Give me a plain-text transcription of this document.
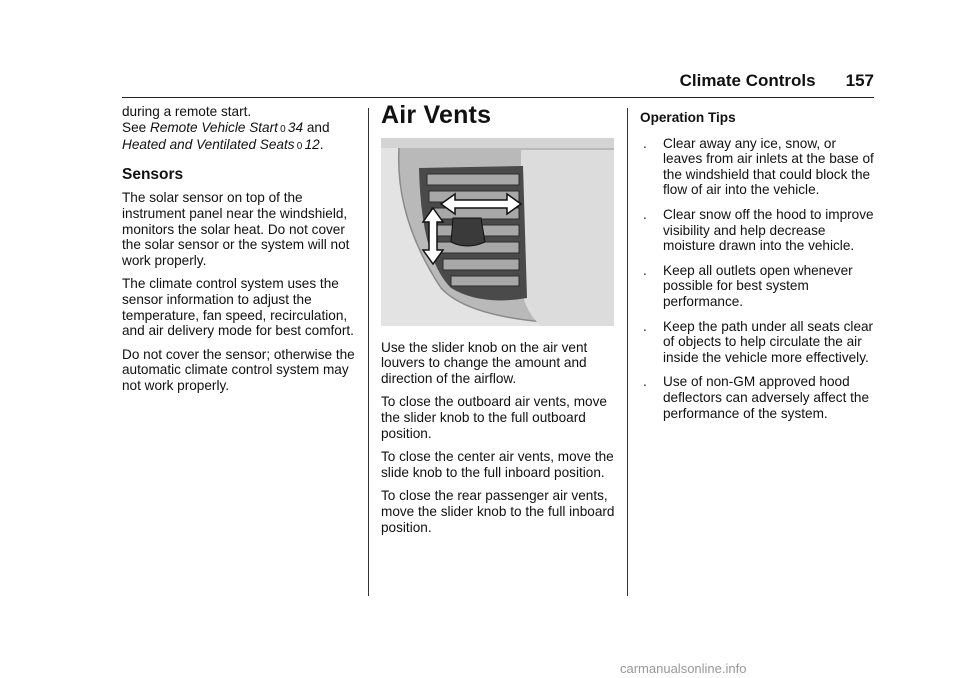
Climate Controls 157
during a remote start.
See Remote Vehicle Start 0 34 and
Heated and Ventilated Seats 0 12.
Sensors

The solar sensor on top of the instrument panel near the windshield, monitors the solar heat. Do not cover the solar sensor or the system will not work properly.

The climate control system uses the sensor information to adjust the temperature, fan speed, recirculation, and air delivery mode for best comfort.

Do not cover the sensor; otherwise the automatic climate control system may not work properly.

Air Vents

Use the slider knob on the air vent louvers to change the amount and direction of the airflow.

To close the outboard air vents, move the slider knob to the full outboard position.

To close the center air vents, move the slide knob to the full inboard position.

To close the rear passenger air vents, move the slider knob to the full inboard position.

Operation Tips
. Clear away any ice, snow, or leaves from air inlets at the base of the windshield that could block the flow of air into the vehicle.
. Clear snow off the hood to improve visibility and help decrease moisture drawn into the vehicle.
. Keep all outlets open whenever possible for best system performance.
. Keep the path under all seats clear of objects to help circulate the air inside the vehicle more effectively.
. Use of non-GM approved hood deflectors can adversely affect the performance of the system.
carmanualsonline.info
